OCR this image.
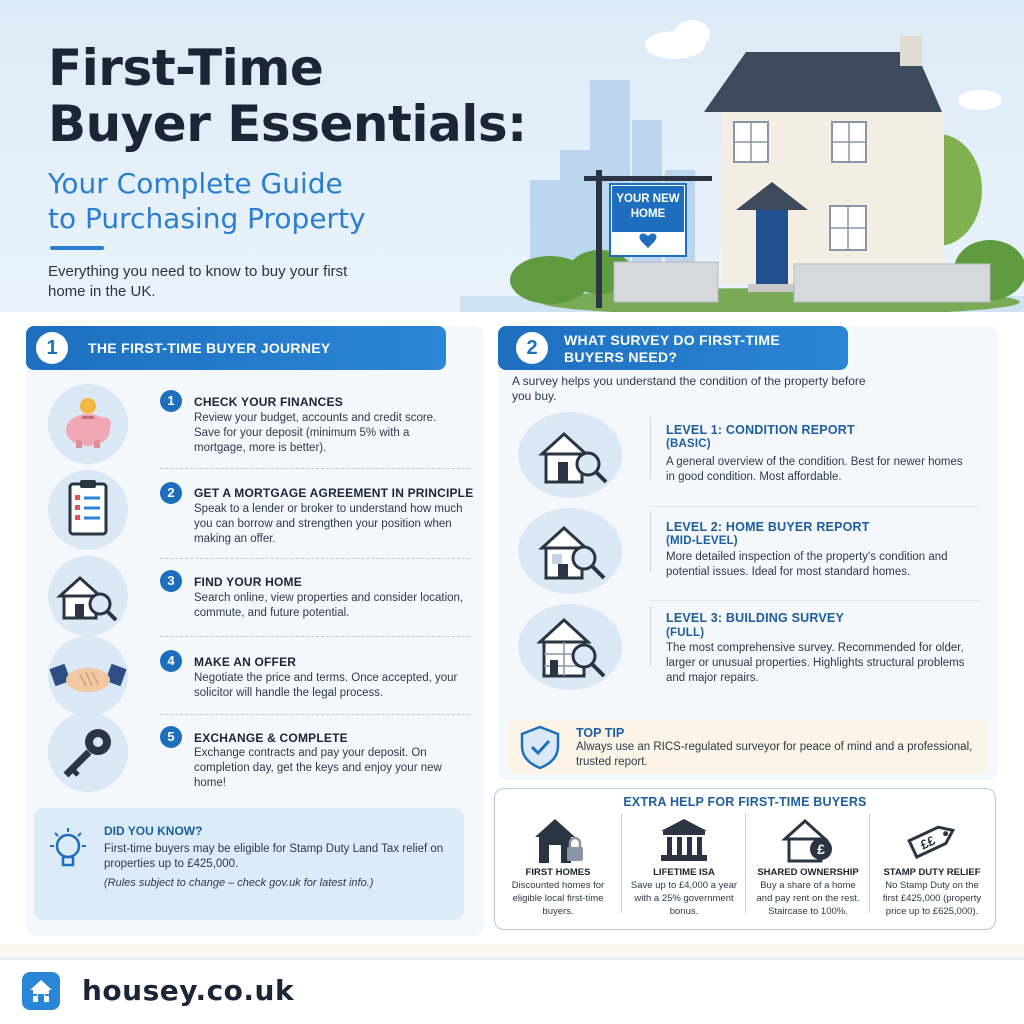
First-Time
Buyer Essentials:
Your Complete Guide
to Purchasing Property
Everything you need to know to buy your first home in the UK.
YOUR NEW
HOME
1	THE FIRST-TIME BUYER JOURNEY
1	CHECK YOUR FINANCES
Review your budget, accounts and credit score. Save for your deposit (minimum 5% with a mortgage, more is better).
2	GET A MORTGAGE AGREEMENT IN PRINCIPLE
Speak to a lender or broker to understand how much you can borrow and strengthen your position when making an offer.
3	FIND YOUR HOME
Search online, view properties and consider location, commute, and future potential.
4	MAKE AN OFFER
Negotiate the price and terms. Once accepted, your solicitor will handle the legal process.
5	EXCHANGE & COMPLETE
Exchange contracts and pay your deposit. On completion day, get the keys and enjoy your new home!
DID YOU KNOW?
First-time buyers may be eligible for Stamp Duty Land Tax relief on properties up to £425,000.
(Rules subject to change – check gov.uk for latest info.)
2	WHAT SURVEY DO FIRST-TIME
BUYERS NEED?
A survey helps you understand the condition of the property before you buy.
LEVEL 1: CONDITION REPORT
(BASIC)
A general overview of the condition. Best for newer homes in good condition. Most affordable.
LEVEL 2: HOME BUYER REPORT
(MID-LEVEL)
More detailed inspection of the property's condition and potential issues. Ideal for most standard homes.
LEVEL 3: BUILDING SURVEY
(FULL)
The most comprehensive survey. Recommended for older, larger or unusual properties. Highlights structural problems and major repairs.
TOP TIP
Always use an RICS-regulated surveyor for peace of mind and a professional, trusted report.
EXTRA HELP FOR FIRST-TIME BUYERS
FIRST HOMES
Discounted homes for eligible local first-time buyers.
LIFETIME ISA
Save up to £4,000 a year with a 25% government bonus.
£
SHARED OWNERSHIP
Buy a share of a home and pay rent on the rest. Staircase to 100%.
££
STAMP DUTY RELIEF
No Stamp Duty on the first £425,000 (property price up to £625,000).
housey.co.uk
